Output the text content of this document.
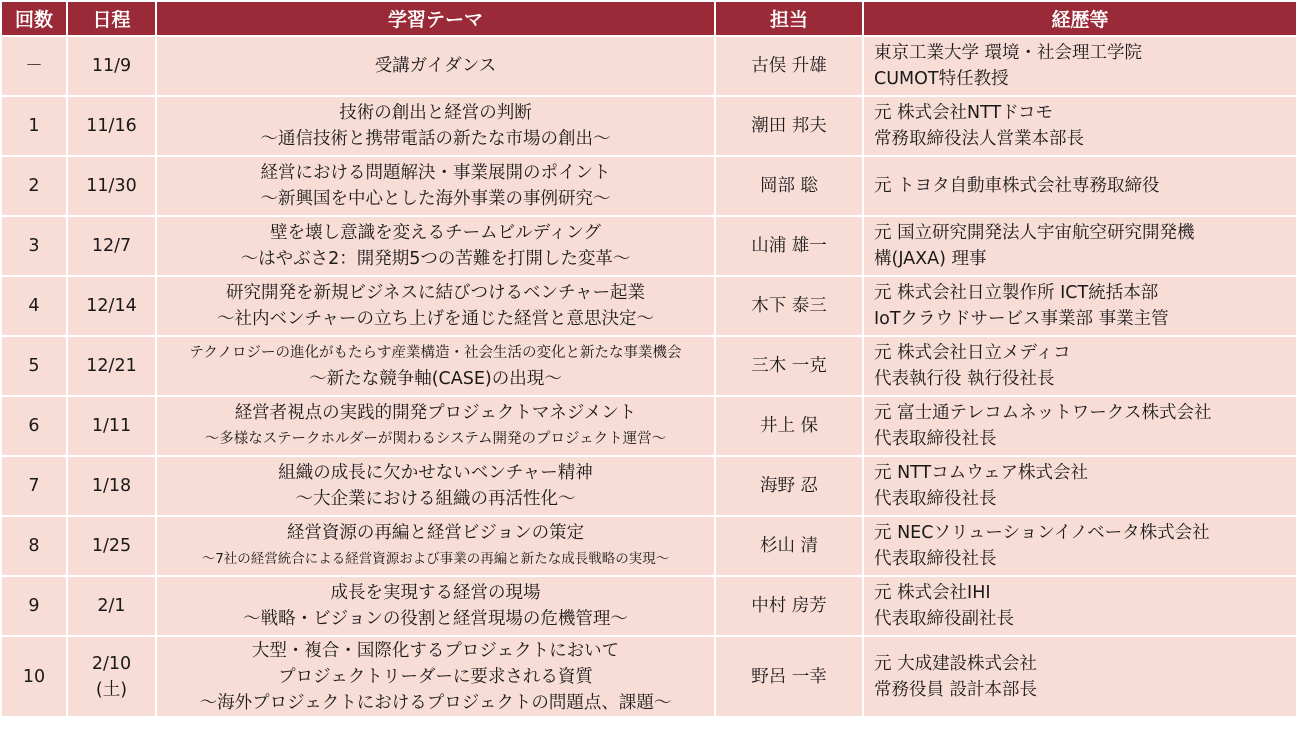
回数	日程	学習テーマ	担当	経歴等
－	11/9	受講ガイダンス	古俣 升雄	東京工業大学 環境・社会理工学院
CUMOT特任教授

1	11/16	技術の創出と経営の判断
～通信技術と携帯電話の新たな市場の創出～	潮田 邦夫	元 株式会社NTTドコモ
常務取締役法人営業本部長

2	11/30	経営における問題解決・事業展開のポイント
～新興国を中心とした海外事業の事例研究～	岡部 聡	元 トヨタ自動車株式会社専務取締役

3	12/7	壁を壊し意識を変えるチームビルディング
～はやぶさ2：開発期5つの苦難を打開した変革～	山浦 雄一	元 国立研究開発法人宇宙航空研究開発機
構(JAXA) 理事

4	12/14	研究開発を新規ビジネスに結びつけるベンチャー起業
～社内ベンチャーの立ち上げを通じた経営と意思決定～	木下 泰三	元 株式会社日立製作所 ICT統括本部
IoTクラウドサービス事業部 事業主管

5	12/21	テクノロジーの進化がもたらす産業構造・社会生活の変化と新たな事業機会
～新たな競争軸(CASE)の出現～	三木 一克	元 株式会社日立メディコ
代表執行役 執行役社長

6	1/11	経営者視点の実践的開発プロジェクトマネジメント
～多様なステークホルダーが関わるシステム開発のプロジェクト運営～	井上 保	元 富士通テレコムネットワークス株式会社
代表取締役社長

7	1/18	組織の成長に欠かせないベンチャー精神
～大企業における組織の再活性化～	海野 忍	元 NTTコムウェア株式会社
代表取締役社長

8	1/25	経営資源の再編と経営ビジョンの策定
～7社の経営統合による経営資源および事業の再編と新たな成長戦略の実現～	杉山 清	元 NECソリューションイノベータ株式会社
代表取締役社長

9	2/1	成長を実現する経営の現場
～戦略・ビジョンの役割と経営現場の危機管理～	中村 房芳	元 株式会社IHI
代表取締役副社長

10	2/10
(土)	大型・複合・国際化するプロジェクトにおいて
プロジェクトリーダーに要求される資質
～海外プロジェクトにおけるプロジェクトの問題点、課題～	野呂 一幸	元 大成建設株式会社
常務役員 設計本部長
